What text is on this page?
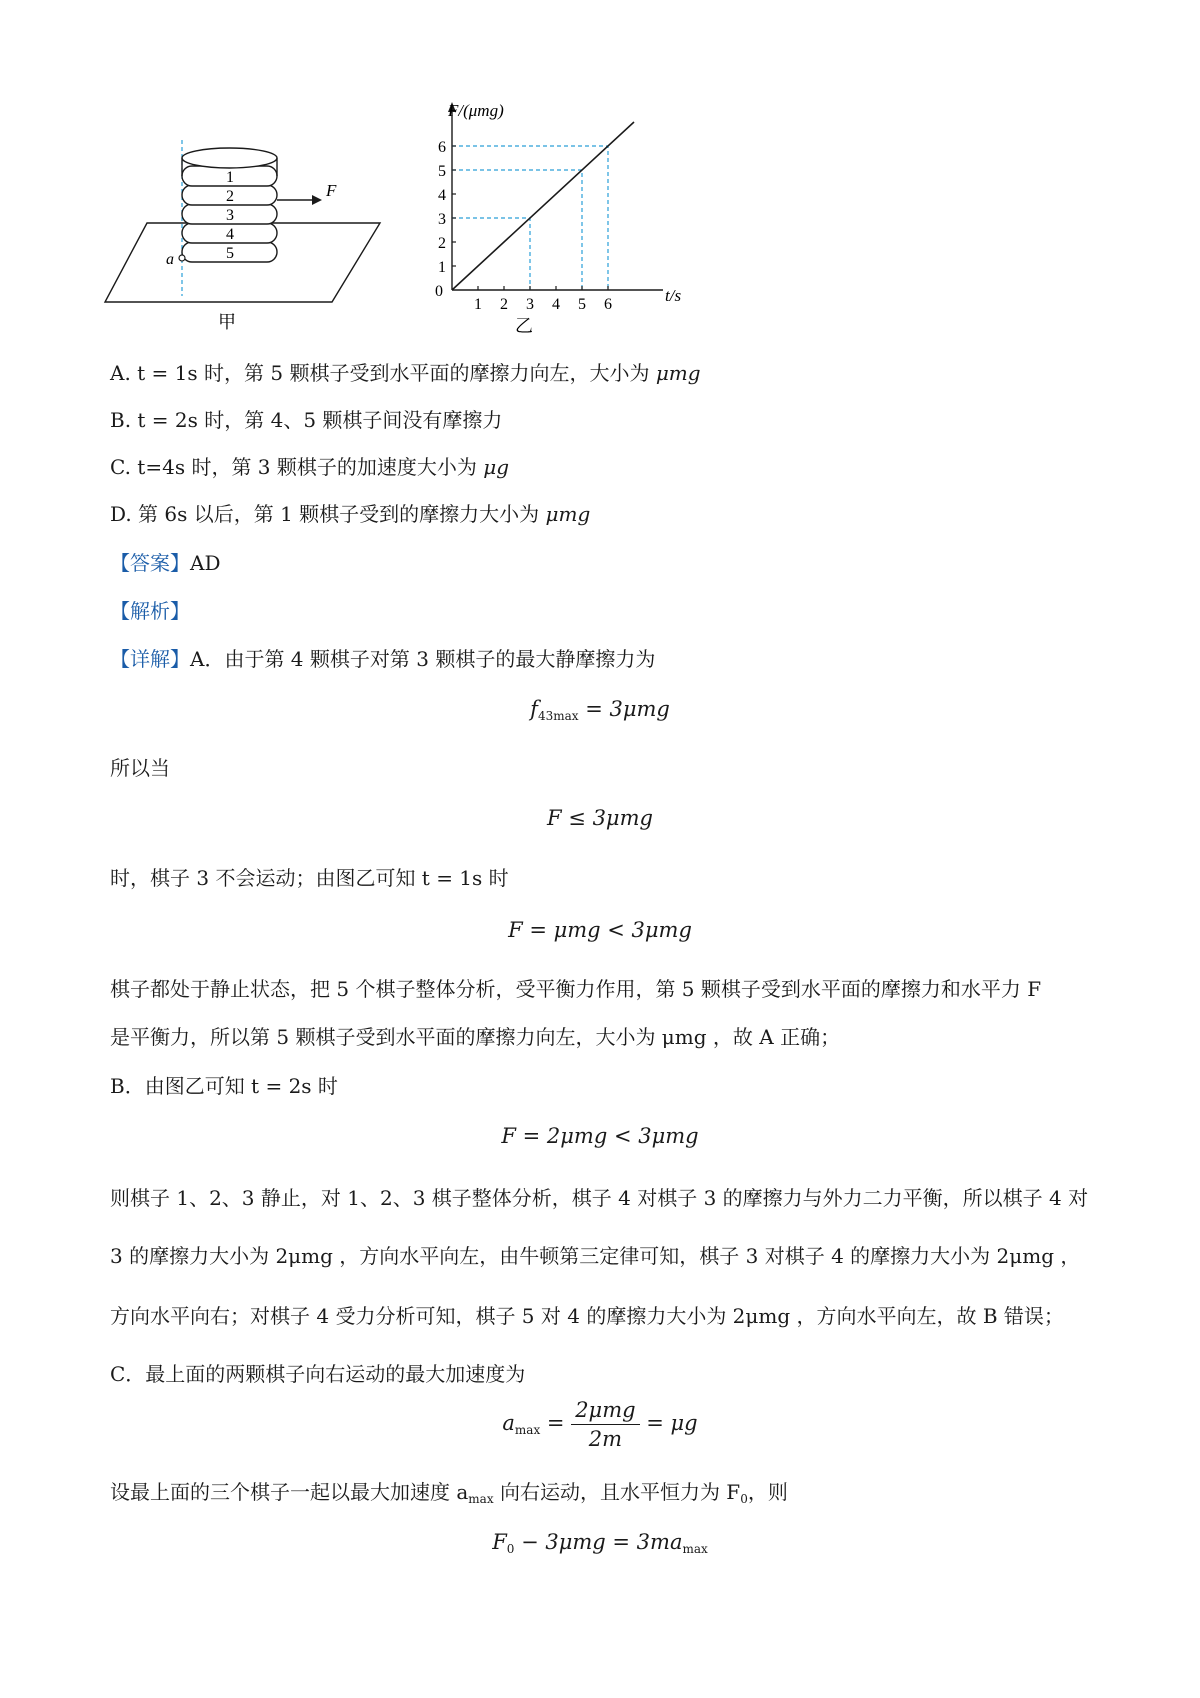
1
2
3
4
5
F
a
甲
1 2 3 4 5 6
1
2
3
4
5
6
F/(μmg)
t/s
0
乙
A. t = 1s 时，第 5 颗棋子受到水平面的摩擦力向左，大小为 μmg
B. t = 2s 时，第 4、5 颗棋子间没有摩擦力
C. t=4s 时，第 3 颗棋子的加速度大小为 μg
D. 第 6s 以后，第 1 颗棋子受到的摩擦力大小为 μmg
【答案】AD
【解析】
【详解】A．由于第 4 颗棋子对第 3 颗棋子的最大静摩擦力为
$f_{43max} = 3\mu mg$
所以当
F ≤ 3μmg
时，棋子 3 不会运动；由图乙可知 t = 1s 时
F = μmg < 3μmg
棋子都处于静止状态，把 5 个棋子整体分析，受平衡力作用，第 5 颗棋子受到水平面的摩擦力和水平力 F
是平衡力，所以第 5 颗棋子受到水平面的摩擦力向左，大小为 μmg ，故 A 正确；
B．由图乙可知 t = 2s 时
F = 2μmg < 3μmg
则棋子 1、2、3 静止，对 1、2、3 棋子整体分析，棋子 4 对棋子 3 的摩擦力与外力二力平衡，所以棋子 4 对
3 的摩擦力大小为 2μmg ，方向水平向左，由牛顿第三定律可知，棋子 3 对棋子 4 的摩擦力大小为 2μmg ，
方向水平向右；对棋子 4 受力分析可知，棋子 5 对 4 的摩擦力大小为 2μmg ，方向水平向左，故 B 错误；
C．最上面的两颗棋子向右运动的最大加速度为
$a_{max} = \frac{\text{2μmg}}{2m} = \mu g$
设最上面的三个棋子一起以最大加速度 $a_{max}$ 向右运动，且水平恒力为 $F_0$，则
$F_0 - 3\mu mg = 3ma_{max}$
